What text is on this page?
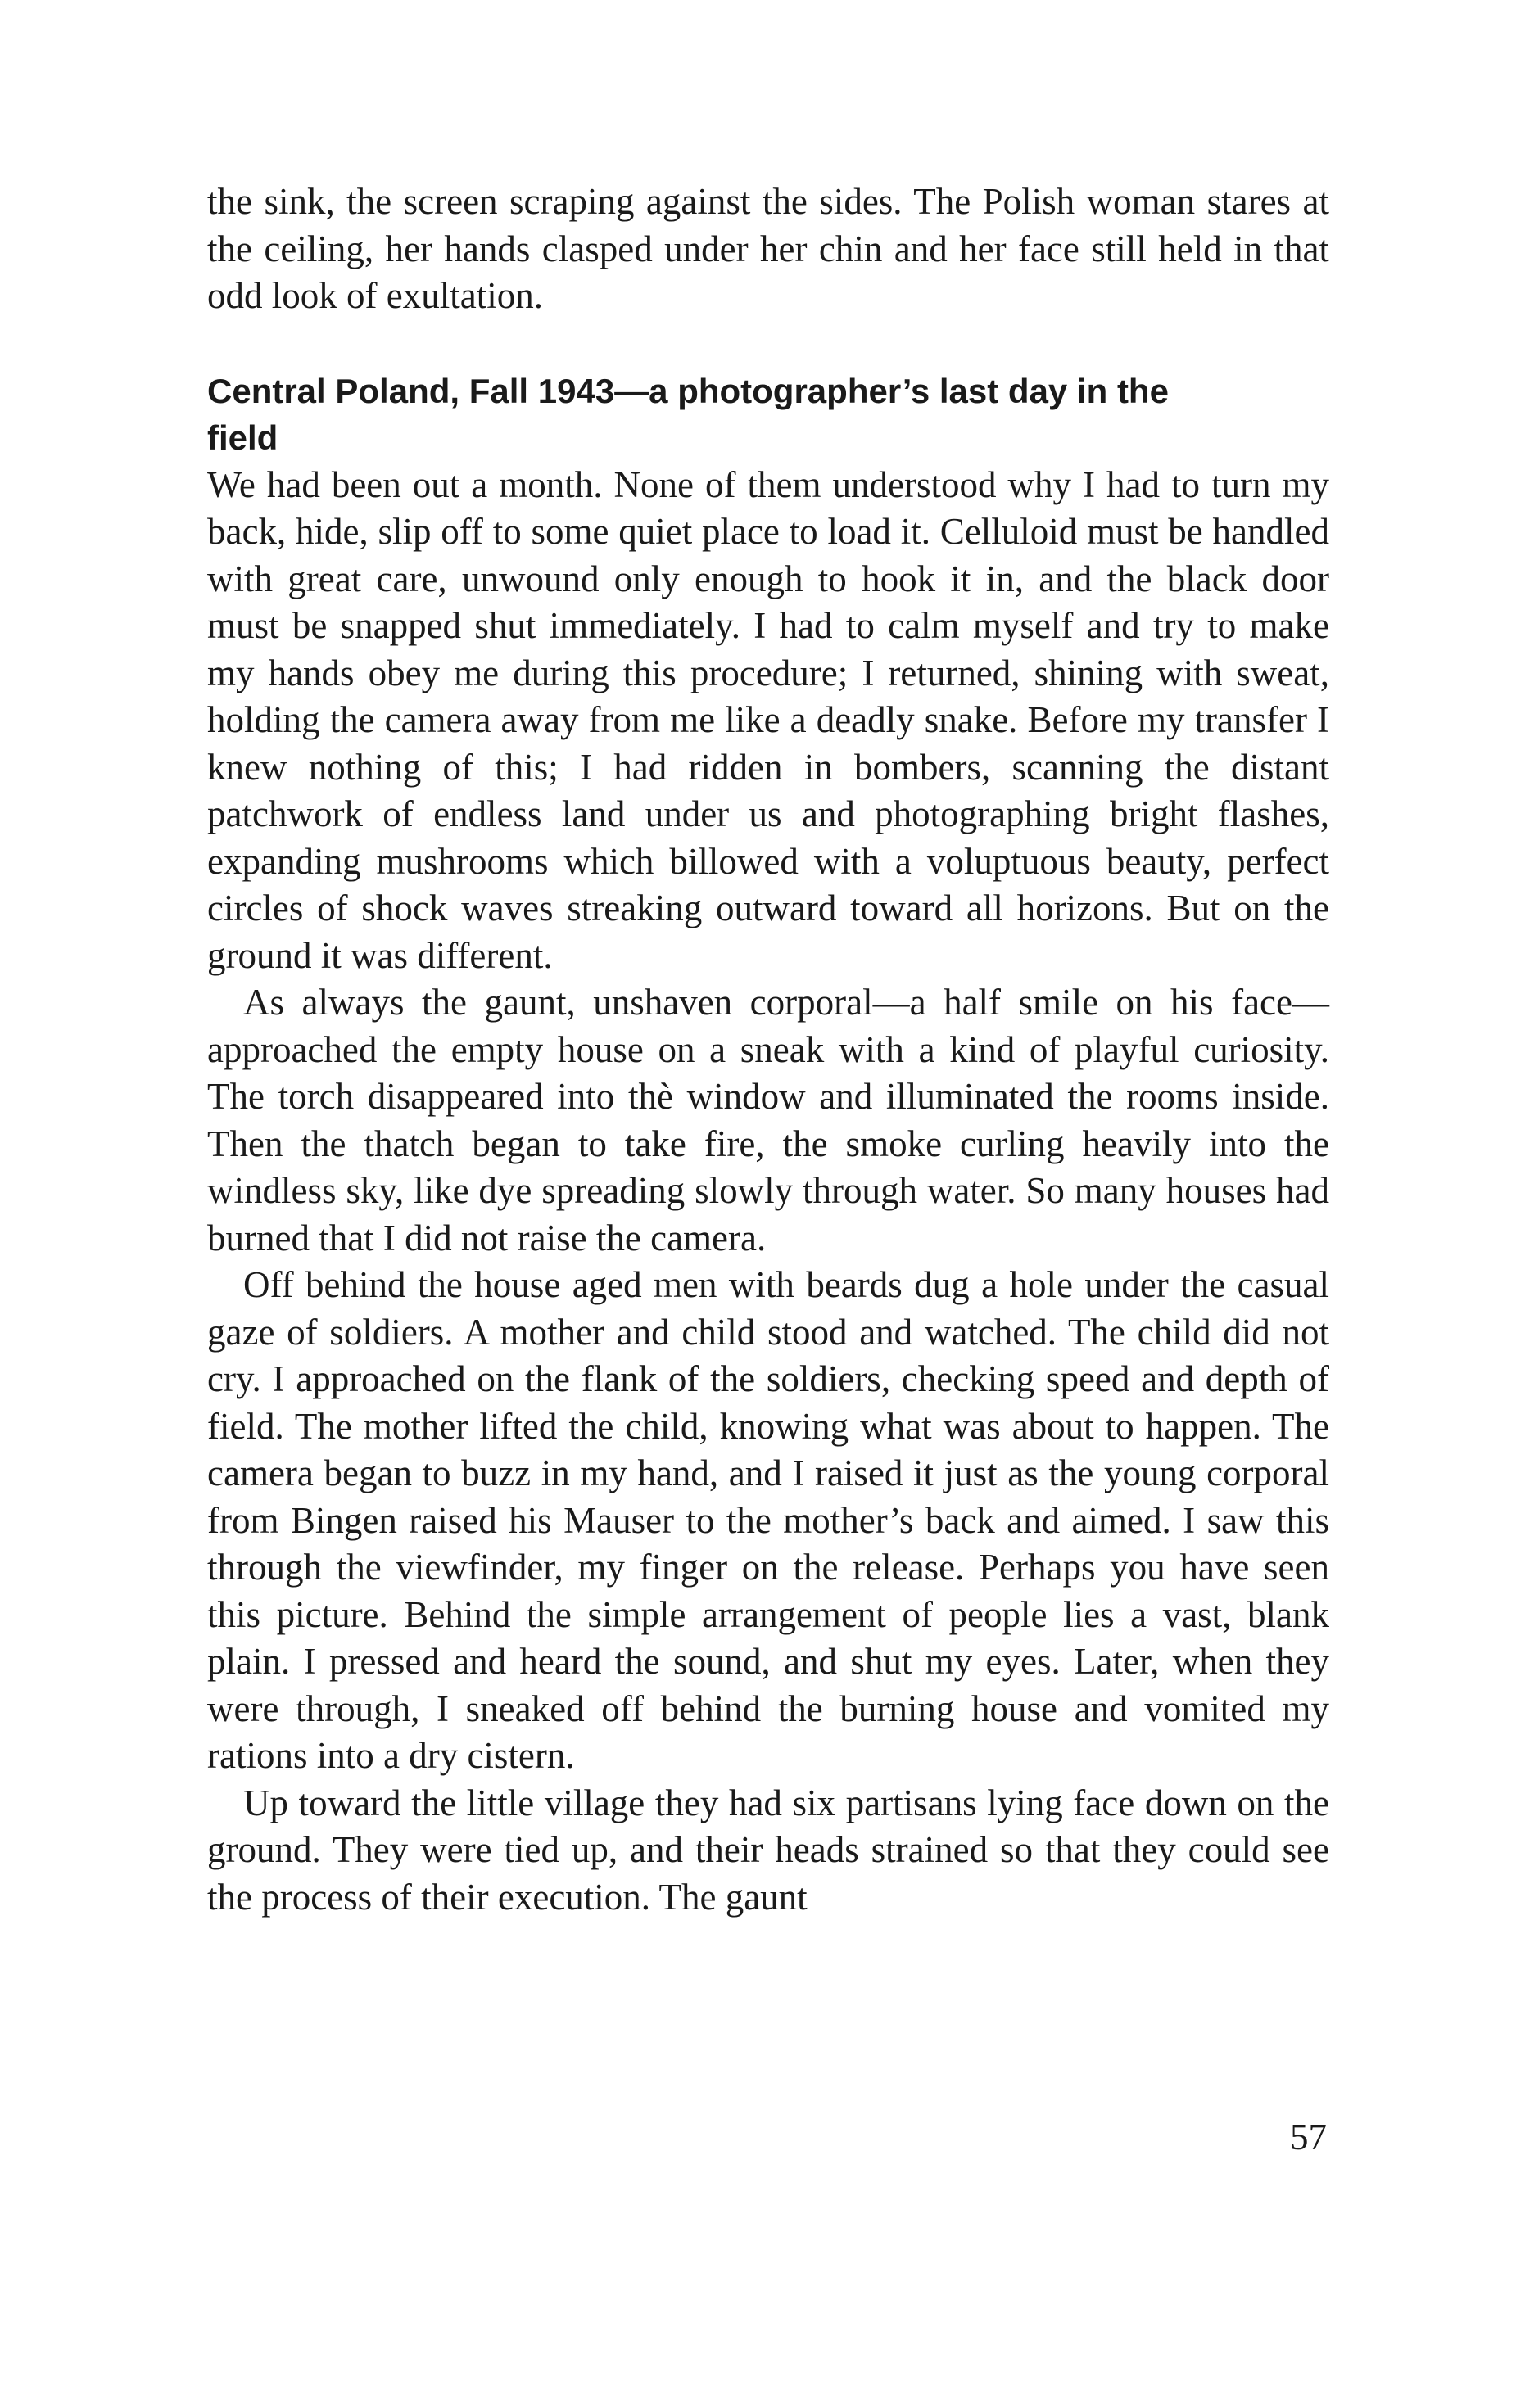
the sink, the screen scraping against the sides. The Polish woman stares at the ceiling, her hands clasped under her chin and her face still held in that odd look of exultation.

Central Poland, Fall 1943—a photographer’s last day in the field

We had been out a month. None of them understood why I had to turn my back, hide, slip off to some quiet place to load it. Celluloid must be handled with great care, unwound only enough to hook it in, and the black door must be snapped shut immediately. I had to calm myself and try to make my hands obey me during this procedure; I returned, shining with sweat, holding the camera away from me like a deadly snake. Before my transfer I knew nothing of this; I had ridden in bombers, scanning the distant patchwork of endless land under us and photographing bright flashes, expanding mushrooms which billowed with a voluptuous beauty, perfect circles of shock waves streaking outward toward all horizons. But on the ground it was different.

As always the gaunt, unshaven corporal—a half smile on his face—approached the empty house on a sneak with a kind of playful curiosity. The torch disappeared into thè window and illuminated the rooms inside. Then the thatch began to take fire, the smoke curling heavily into the windless sky, like dye spreading slowly through water. So many houses had burned that I did not raise the camera.

Off behind the house aged men with beards dug a hole under the casual gaze of soldiers. A mother and child stood and watched. The child did not cry. I approached on the flank of the soldiers, checking speed and depth of field. The mother lifted the child, knowing what was about to happen. The camera began to buzz in my hand, and I raised it just as the young corporal from Bingen raised his Mauser to the mother’s back and aimed. I saw this through the viewfinder, my finger on the release. Perhaps you have seen this picture. Behind the simple arrangement of people lies a vast, blank plain. I pressed and heard the sound, and shut my eyes. Later, when they were through, I sneaked off behind the burning house and vomited my rations into a dry cistern.

Up toward the little village they had six partisans lying face down on the ground. They were tied up, and their heads strained so that they could see the process of their execution. The gaunt

57
